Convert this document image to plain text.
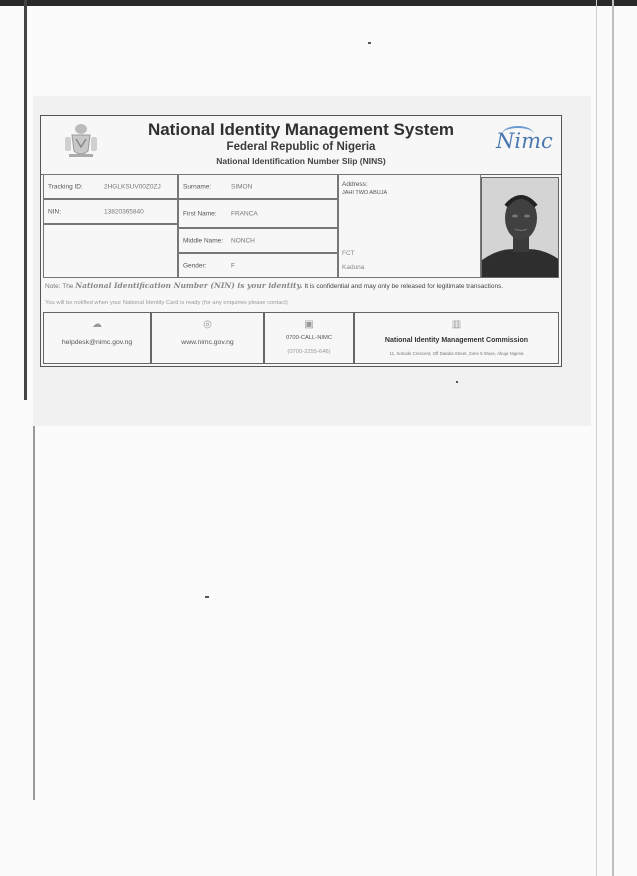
National Identity Management System
Federal Republic of Nigeria
National Identification Number Slip (NINS)
Nimc
Tracking ID:	2HGLKSUV00Z0ZJ
NIN:	13820365840
Surname:	SIMON
First Name: FRANCA
Middle Name: NONCH
Gender:	F
Address:
JAHI TWO ABUJA
FCT
Kaduna
Note: The National Identification Number (NIN) is your identity. It is confidential and may only be released for legitimate transactions.
You will be notified when your National Identity Card is ready (for any enquiries please contact)
☁
helpdesk@nimc.gov.ng
◎
www.nimc.gov.ng
▣
0700-CALL-NIMC
(0700-2255-646)
▥
National Identity Management Commission
11, Sokode Crescent, Off Dalaba Street, Zone 5 Wuse, Abuja Nigeria
